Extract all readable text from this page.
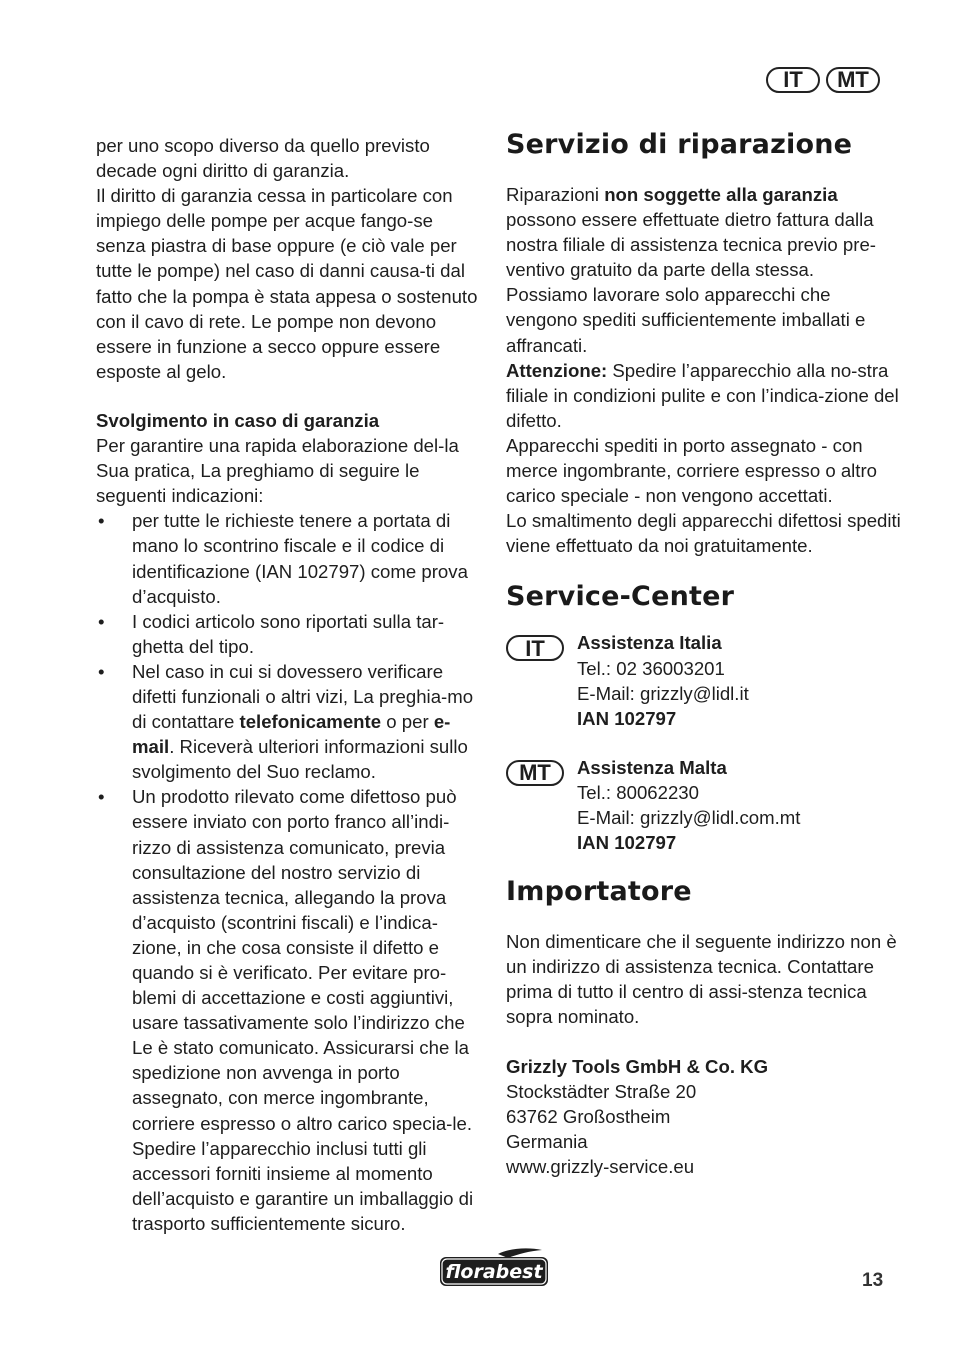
IT	MT

per uno scopo diverso da quello previsto decade ogni diritto di garanzia.

Il diritto di garanzia cessa in particolare con impiego delle pompe per acque fango-se senza piastra di base oppure (e ciò vale per tutte le pompe) nel caso di danni causa-ti dal fatto che la pompa è stata appesa o sostenuto con il cavo di rete. Le pompe non devono essere in funzione a secco oppure essere esposte al gelo.

Svolgimento in caso di garanzia

Per garantire una rapida elaborazione del-la Sua pratica, La preghiamo di seguire le seguenti indicazioni:

• per tutte le richieste tenere a portata di mano lo scontrino fiscale e il codice di identificazione (IAN 102797) come prova d’acquisto.
• I codici articolo sono riportati sulla tar-ghetta del tipo.
• Nel caso in cui si dovessero verificare difetti funzionali o altri vizi, La preghia-mo di contattare telefonicamente o per e-mail. Riceverà ulteriori informazioni sullo svolgimento del Suo reclamo.
• Un prodotto rilevato come difettoso può essere inviato con porto franco all’indi-rizzo di assistenza comunicato, previa consultazione del nostro servizio di assistenza tecnica, allegando la prova d’acquisto (scontrini fiscali) e l’indica-zione, in che cosa consiste il difetto e quando si è verificato. Per evitare pro-blemi di accettazione e costi aggiuntivi, usare tassativamente solo l’indirizzo che Le è stato comunicato. Assicurarsi che la spedizione non avvenga in porto assegnato, con merce ingombrante, corriere espresso o altro carico specia-le. Spedire l’apparecchio inclusi tutti gli accessori forniti insieme al momento dell’acquisto e garantire un imballaggio di trasporto sufficientemente sicuro.
Servizio di riparazione

Riparazioni non soggette alla garanzia possono essere effettuate dietro fattura dalla nostra filiale di assistenza tecnica previo pre-ventivo gratuito da parte della stessa.

Possiamo lavorare solo apparecchi che vengono spediti sufficientemente imballati e affrancati.

Attenzione: Spedire l’apparecchio alla no-stra filiale in condizioni pulite e con l’indica-zione del difetto.

Apparecchi spediti in porto assegnato - con merce ingombrante, corriere espresso o altro carico speciale - non vengono accettati.

Lo smaltimento degli apparecchi difettosi spediti viene effettuato da noi gratuitamente.

Service-Center
IT	Assistenza Italia

Tel.: 02 36003201

E-Mail: grizzly@lidl.it

IAN 102797

MT	Assistenza Malta

Tel.: 80062230

E-Mail: grizzly@lidl.com.mt

IAN 102797

Importatore

Non dimenticare che il seguente indirizzo non è un indirizzo di assistenza tecnica. Contattare prima di tutto il centro di assi-stenza tecnica sopra nominato.

Grizzly Tools GmbH & Co. KG

Stockstädter Straße 20

63762 Großostheim

Germania

www.grizzly-service.eu

florabest	13
